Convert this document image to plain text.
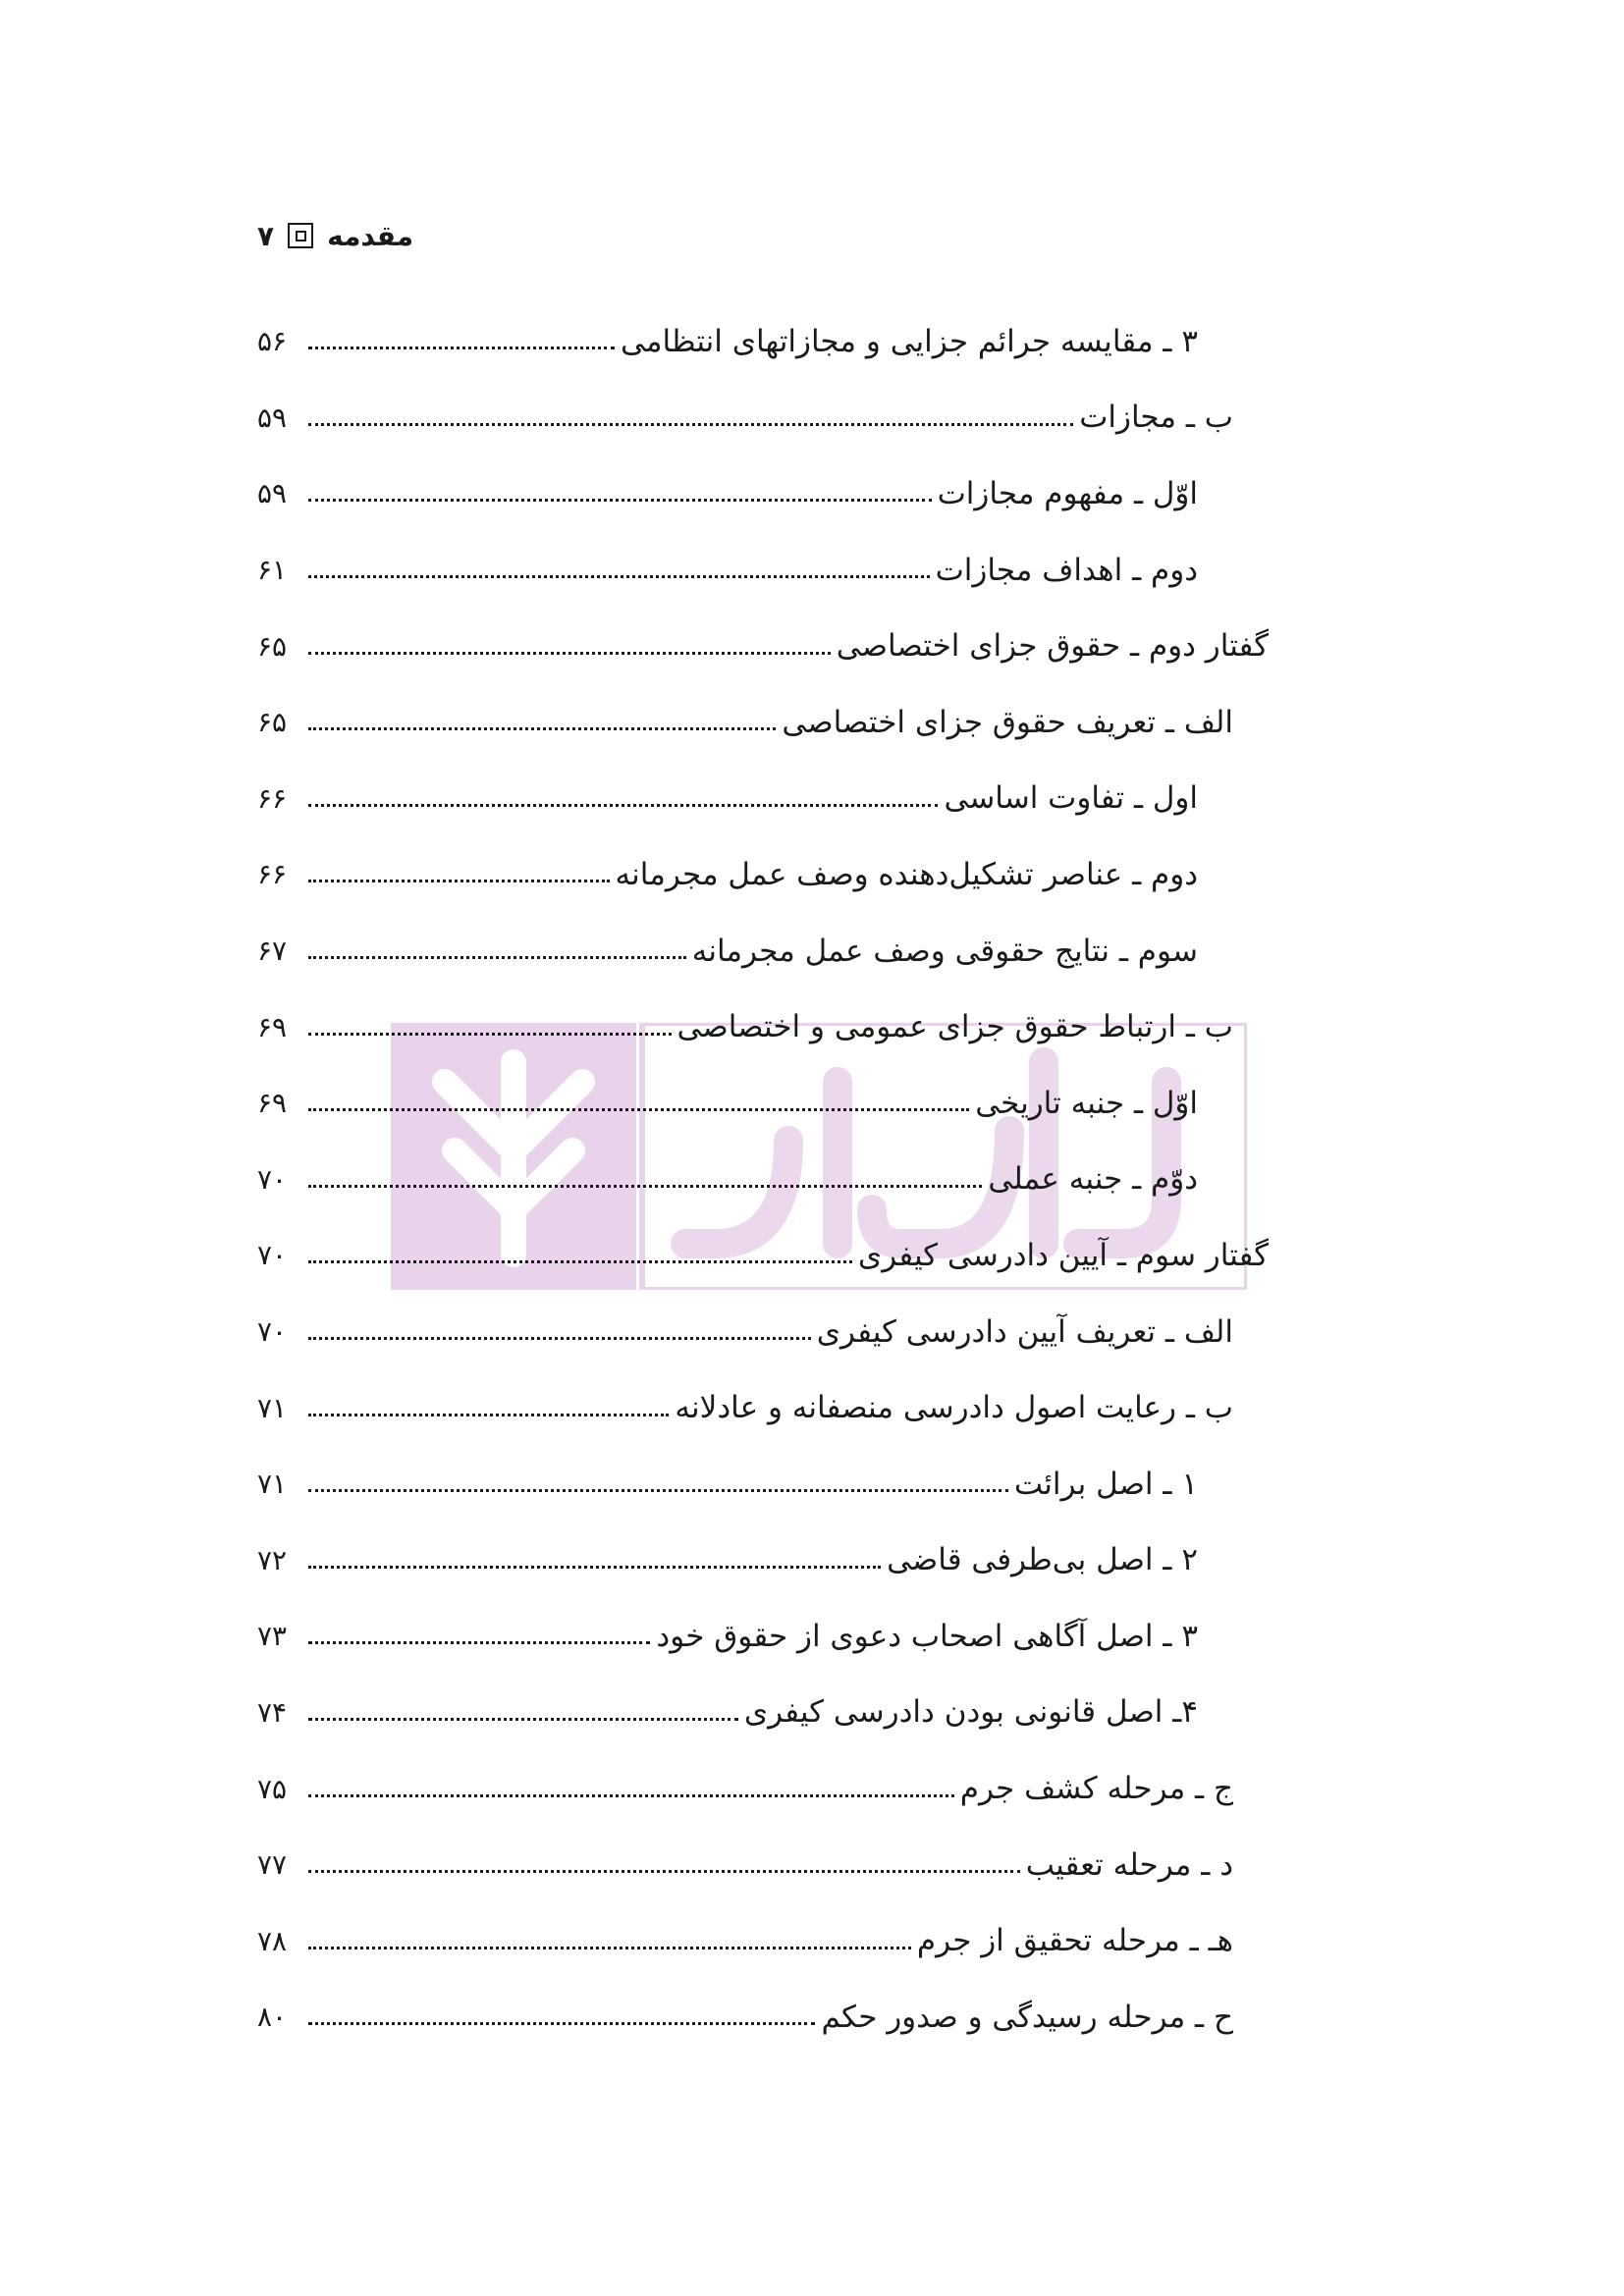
۷ مقدمه
۵۶	۳ ـ مقایسه جرائم جزایی و مجازاتهای انتظامی
۵۹	ب ـ مجازات
۵۹	اوّل ـ مفهوم مجازات
۶۱	دوم ـ اهداف مجازات
۶۵	گفتار دوم ـ حقوق جزای اختصاصی
۶۵	الف ـ تعریف حقوق جزای اختصاصی
۶۶	اول ـ تفاوت اساسی
۶۶	دوم ـ عناصر تشکیل‌دهنده وصف عمل مجرمانه
۶۷	سوم ـ نتایج حقوقی وصف عمل مجرمانه
۶۹	ب ـ ارتباط حقوق جزای عمومی و اختصاصی
۶۹	اوّل ـ جنبه تاریخی
۷۰	دوّم ـ جنبه عملی
۷۰	گفتار سوم ـ آیین دادرسی کیفری
۷۰	الف ـ تعریف آیین دادرسی کیفری
۷۱	ب ـ رعایت اصول دادرسی منصفانه و عادلانه
۷۱	۱ ـ اصل برائت
۷۲	۲ ـ اصل بی‌طرفی قاضی
۷۳	۳ ـ اصل آگاهی اصحاب دعوی از حقوق خود
۷۴	۴ـ اصل قانونی بودن دادرسی کیفری
۷۵	ج ـ مرحله کشف جرم
۷۷	د ـ مرحله تعقیب
۷۸	هـ ـ مرحله تحقیق از جرم
۸۰	ح ـ مرحله رسیدگی و صدور حکم
